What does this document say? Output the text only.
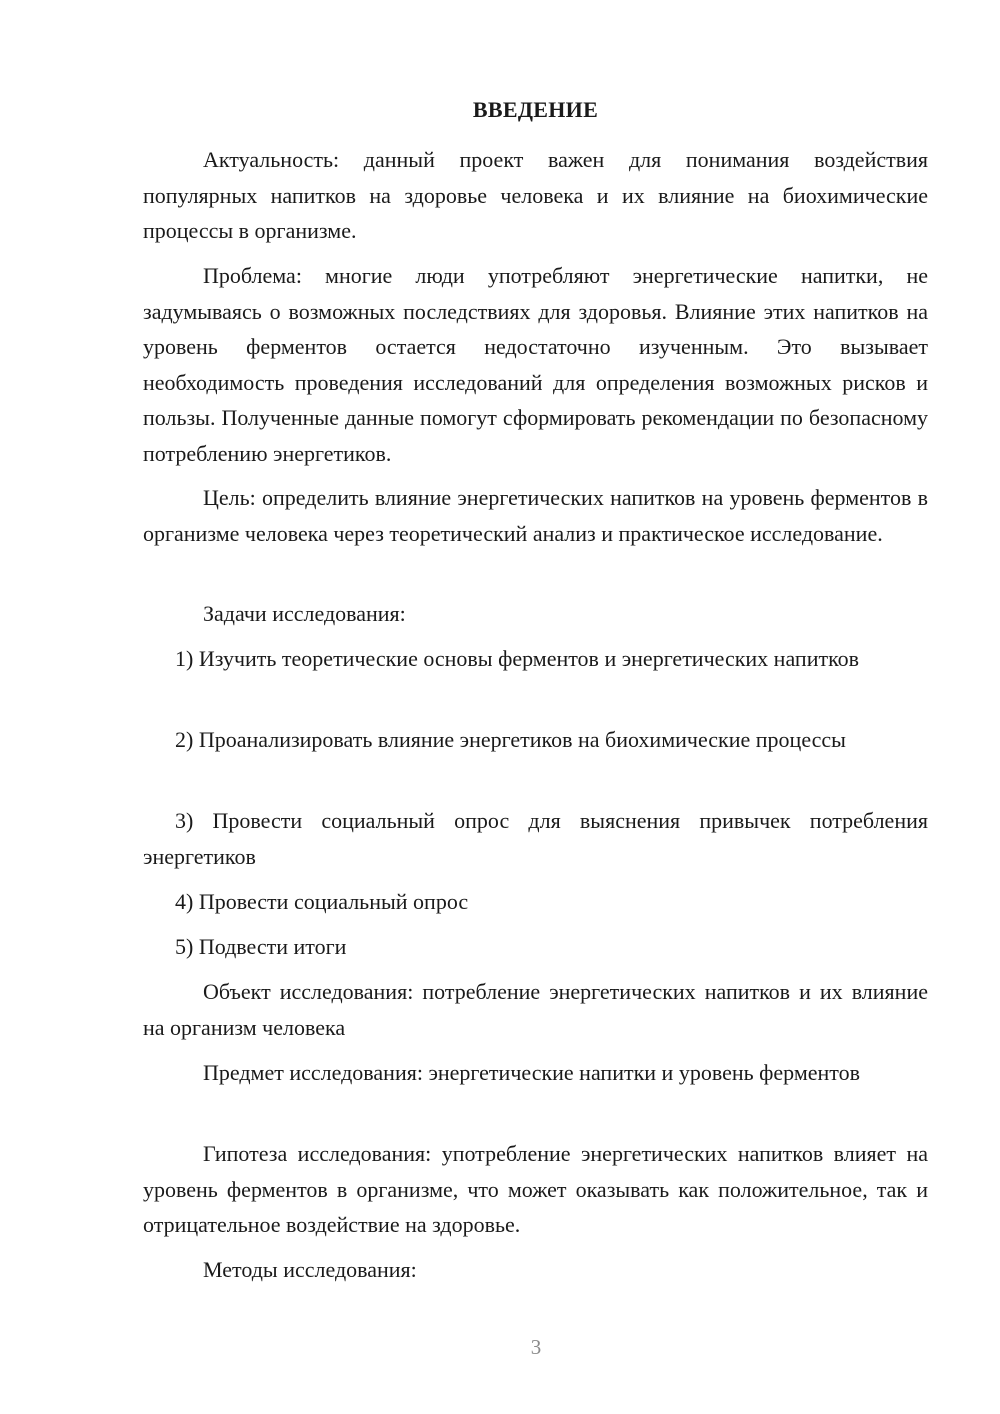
ВВЕДЕНИЕ

Актуальность: данный проект важен для понимания воздействия популярных напитков на здоровье человека и их влияние на биохимические процессы в организме.

Проблема: многие люди употребляют энергетические напитки, не задумываясь о возможных последствиях для здоровья. Влияние этих напитков на уровень ферментов остается недостаточно изученным. Это вызывает необходимость проведения исследований для определения возможных рисков и пользы. Полученные данные помогут сформировать рекомендации по безопасному потреблению энергетиков.

Цель: определить влияние энергетических напитков на уровень ферментов в организме человека через теоретический анализ и практическое исследование.

Задачи исследования:

1) Изучить теоретические основы ферментов и энергетических напитков

2) Проанализировать влияние энергетиков на биохимические процессы

3) Провести социальный опрос для выяснения привычек потребления энергетиков

4) Провести социальный опрос

5) Подвести итоги

Объект исследования: потребление энергетических напитков и их влияние на организм человека

Предмет исследования: энергетические напитки и уровень ферментов

Гипотеза исследования: употребление энергетических напитков влияет на уровень ферментов в организме, что может оказывать как положительное, так и отрицательное воздействие на здоровье.

Методы исследования:

3
